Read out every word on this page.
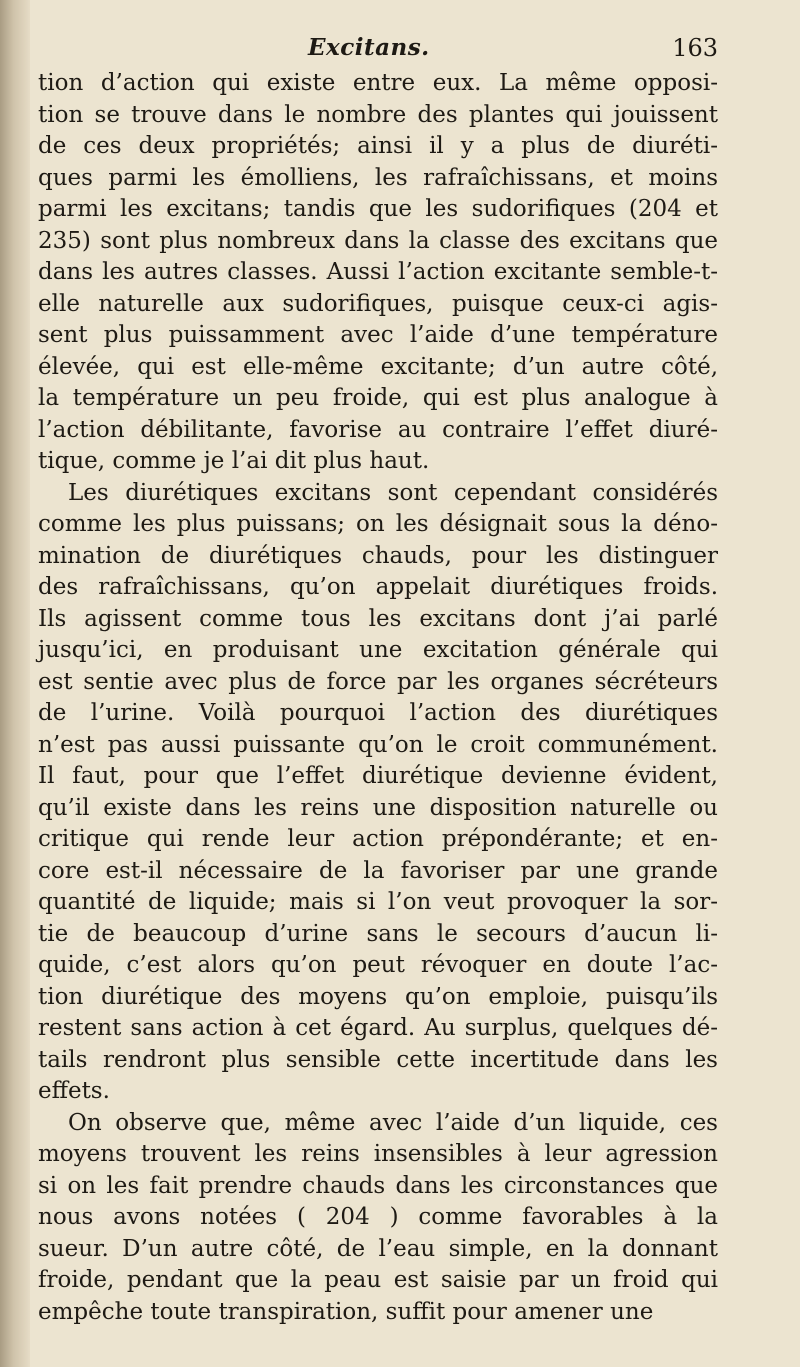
Excitans.	163
tion d’action qui existe entre eux. La même opposi-
tion se trouve dans le nombre des plantes qui jouissent
de ces deux propriétés; ainsi il y a plus de diuréti-
ques parmi les émolliens, les rafraîchissans, et moins
parmi les excitans; tandis que les sudorifiques (204 et
235) sont plus nombreux dans la classe des excitans que
dans les autres classes. Aussi l’action excitante semble-t-
elle naturelle aux sudorifiques, puisque ceux-ci agis-
sent plus puissamment avec l’aide d’une température
élevée, qui est elle-même excitante; d’un autre côté,
la température un peu froide, qui est plus analogue à
l’action débilitante, favorise au contraire l’effet diuré-
tique, comme je l’ai dit plus haut.
Les diurétiques excitans sont cependant considérés
comme les plus puissans; on les désignait sous la déno-
mination de diurétiques chauds, pour les distinguer
des rafraîchissans, qu’on appelait diurétiques froids.
Ils agissent comme tous les excitans dont j’ai parlé
jusqu’ici, en produisant une excitation générale qui
est sentie avec plus de force par les organes sécréteurs
de l’urine. Voilà pourquoi l’action des diurétiques
n’est pas aussi puissante qu’on le croit communément.
Il faut, pour que l’effet diurétique devienne évident,
qu’il existe dans les reins une disposition naturelle ou
critique qui rende leur action prépondérante; et en-
core est-il nécessaire de la favoriser par une grande
quantité de liquide; mais si l’on veut provoquer la sor-
tie de beaucoup d’urine sans le secours d’aucun li-
quide, c’est alors qu’on peut révoquer en doute l’ac-
tion diurétique des moyens qu’on emploie, puisqu’ils
restent sans action à cet égard. Au surplus, quelques dé-
tails rendront plus sensible cette incertitude dans les
effets.
On observe que, même avec l’aide d’un liquide, ces
moyens trouvent les reins insensibles à leur agression
si on les fait prendre chauds dans les circonstances que
nous avons notées ( 204 ) comme favorables à la
sueur. D’un autre côté, de l’eau simple, en la donnant
froide, pendant que la peau est saisie par un froid qui
empêche toute transpiration, suffit pour amener une
